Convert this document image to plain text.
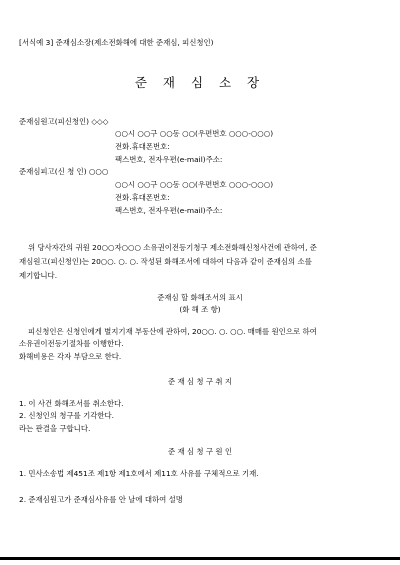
[서식예 3] 준재심소장(제소전화해에 대한 준재심, 피신청인)
준 재 심 소 장
준재심원고(피신청인) ◇◇◇
○○시 ○○구 ○○동 ○○(우편번호 ○○○-○○○)
전화.휴대폰번호:
팩스번호, 전자우편(e-mail)주소:
준재심피고(신 청 인) ○○○
○○시 ○○구 ○○동 ○○(우편번호 ○○○-○○○)
전화.휴대폰번호:
팩스번호, 전자우편(e-mail)주소:
위 당사자간의 귀원 20○○자○○○ 소유권이전등기청구 제소전화해신청사건에 관하여, 준
재심원고(피신청인)는 20○○. ○. ○. 작성된 화해조서에 대하여 다음과 같이 준재심의 소를
제기합니다.
준재심 할 화해조서의 표시
(화 해 조 항)
피신청인은 신청인에게 별지기재 부동산에 관하여, 20○○. ○. ○○. 매매를 원인으로 하여
소유권이전등기절차를 이행한다.
화해비용은 각자 부담으로 한다.
준 재 심 청 구 취 지
1. 이 사건 화해조서를 취소한다.
2. 신청인의 청구를 기각한다.
라는 판결을 구합니다.
준 재 심 청 구 원 인
1. 민사소송법 제451조 제1항 제1호에서 제11호 사유를 구체적으로 기재.
2. 준재심원고가 준재심사유를 안 날에 대하여 설명
